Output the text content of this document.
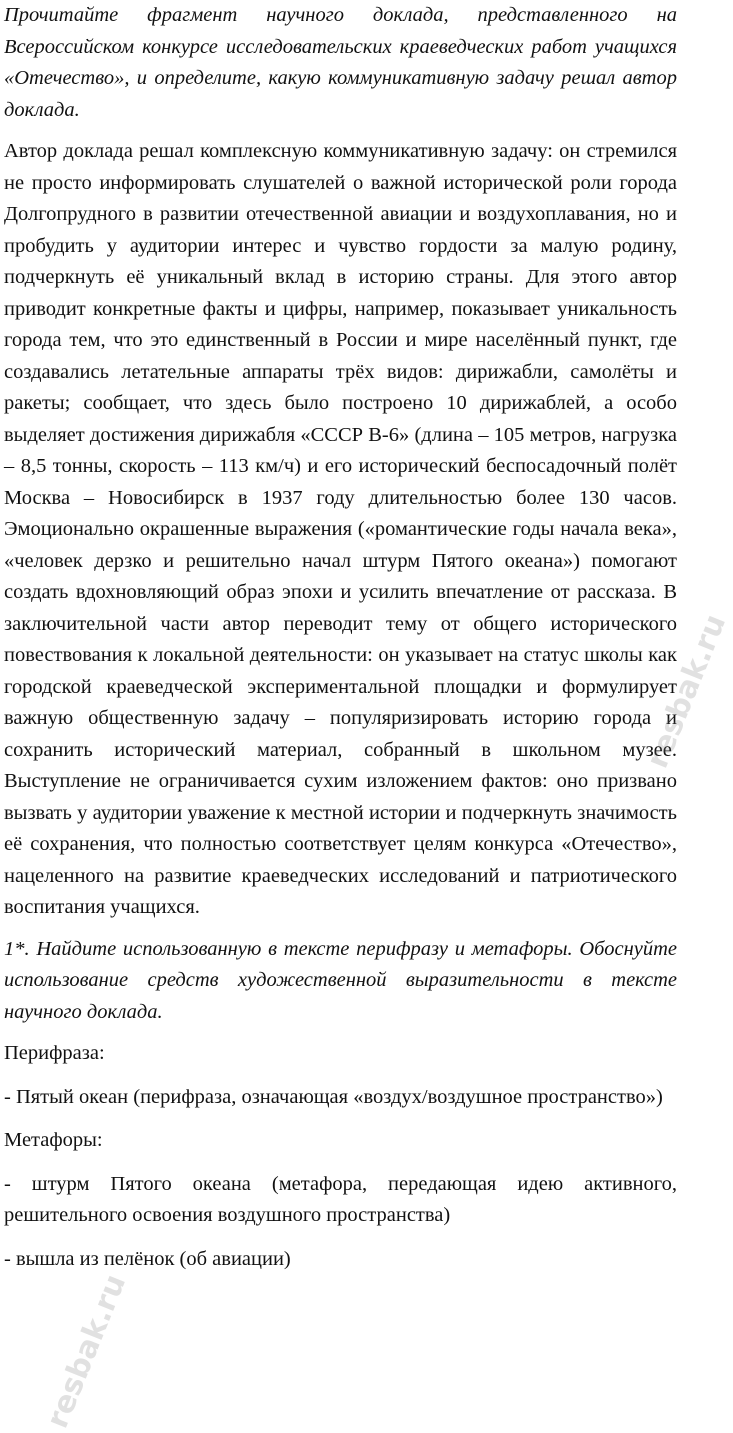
Прочитайте фрагмент научного доклада, представленного на Всероссийском конкурсе исследовательских краеведческих работ учащихся «Отечество», и определите, какую коммуникативную задачу решал автор доклада.

Автор доклада решал комплексную коммуникативную задачу: он стремился не просто информировать слушателей о важной исторической роли города Долгопрудного в развитии отечественной авиации и воздухоплавания, но и пробудить у аудитории интерес и чувство гордости за малую родину, подчеркнуть её уникальный вклад в историю страны. Для этого автор приводит конкретные факты и цифры, например, показывает уникальность города тем, что это единственный в России и мире населённый пункт, где создавались летательные аппараты трёх видов: дирижабли, самолёты и ракеты; сообщает, что здесь было построено 10 дирижаблей, а особо выделяет достижения дирижабля «СССР В-6» (длина – 105 метров, нагрузка – 8,5 тонны, скорость – 113 км/ч) и его исторический беспосадочный полёт Москва – Новосибирск в 1937 году длительностью более 130 часов. Эмоционально окрашенные выражения («романтические годы начала века», «человек дерзко и решительно начал штурм Пятого океана») помогают создать вдохновляющий образ эпохи и усилить впечатление от рассказа. В заключительной части автор переводит тему от общего исторического повествования к локальной деятельности: он указывает на статус школы как городской краеведческой экспериментальной площадки и формулирует важную общественную задачу – популяризировать историю города и сохранить исторический материал, собранный в школьном музее. Выступление не ограничивается сухим изложением фактов: оно призвано вызвать у аудитории уважение к местной истории и подчеркнуть значимость её сохранения, что полностью соответствует целям конкурса «Отечество», нацеленного на развитие краеведческих исследований и патриотического воспитания учащихся.

1*. Найдите использованную в тексте перифразу и метафоры. Обоснуйте использование средств художественной выразительности в тексте научного доклада.

Перифраза:

- Пятый океан (перифраза, означающая «воздух/воздушное пространство»)

Метафоры:

- штурм Пятого океана (метафора, передающая идею активного, решительного освоения воздушного пространства)

- вышла из пелёнок (об авиации)

resbak.ru
resbak.ru
